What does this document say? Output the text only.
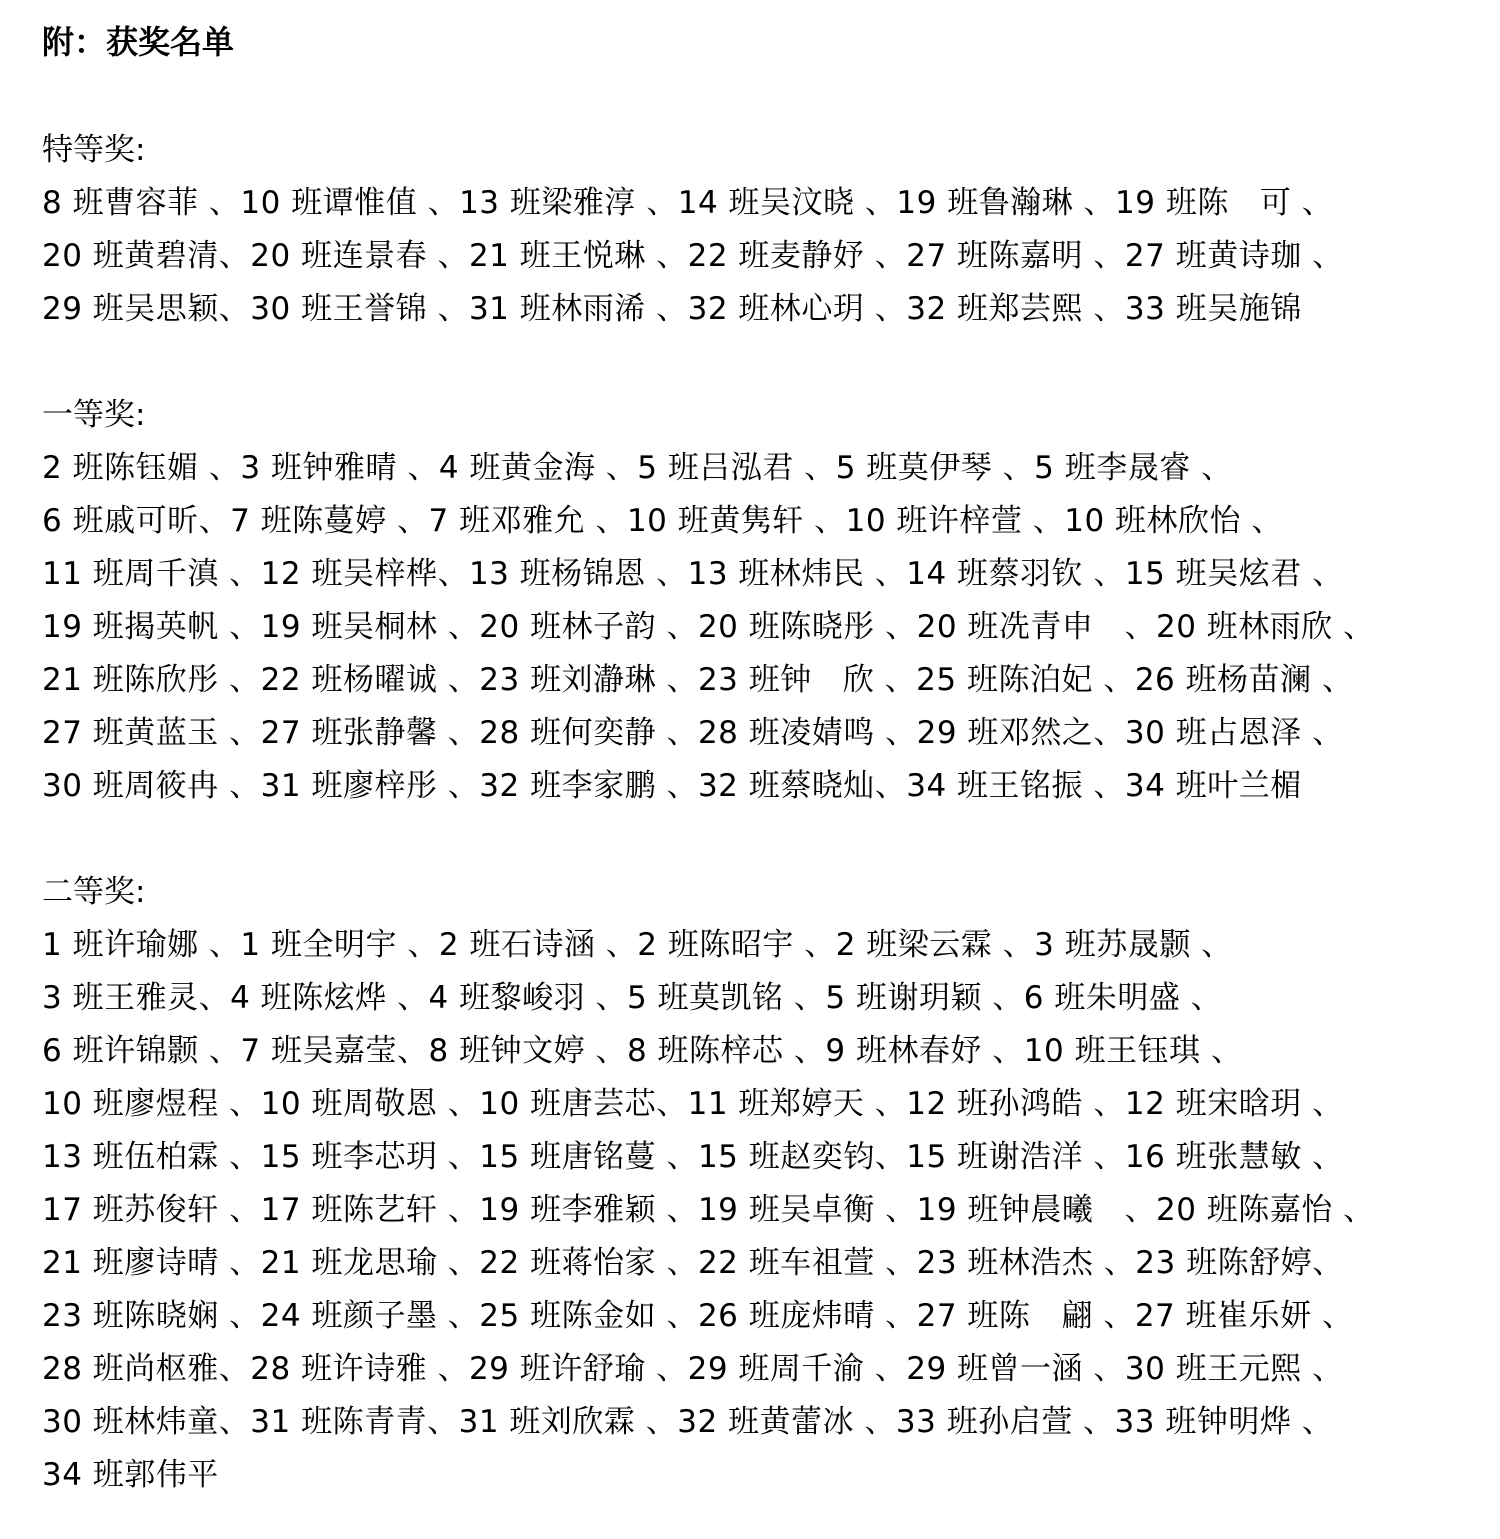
附：获奖名单
特等奖:
8 班曹容菲 、10 班谭惟值 、13 班梁雅淳 、14 班吴汶晓 、19 班鲁瀚琳 、19 班陈   可 、
20 班黄碧清、20 班连景春 、21 班王悦琳 、22 班麦静妤 、27 班陈嘉明 、27 班黄诗珈 、
29 班吴思颖、30 班王誉锦 、31 班林雨浠 、32 班林心玥 、32 班郑芸熙 、33 班吴施锦
一等奖:
2 班陈钰媚 、3 班钟雅晴 、4 班黄金海 、5 班吕泓君 、5 班莫伊琴 、5 班李晟睿 、
6 班戚可昕、7 班陈蔓婷 、7 班邓雅允 、10 班黄隽轩 、10 班许梓萱 、10 班林欣怡 、
11 班周千滇 、12 班吴梓桦、13 班杨锦恩 、13 班林炜民 、14 班蔡羽钦 、15 班吴炫君 、
19 班揭英帆 、19 班吴桐林 、20 班林子韵 、20 班陈晓彤 、20 班冼青申   、20 班林雨欣 、
21 班陈欣彤 、22 班杨曜诚 、23 班刘瀞琳 、23 班钟   欣 、25 班陈泊妃 、26 班杨苗澜 、
27 班黄蓝玉 、27 班张静馨 、28 班何奕静 、28 班凌婧鸣 、29 班邓然之、30 班占恩泽 、
30 班周筱冉 、31 班廖梓彤 、32 班李家鹏 、32 班蔡晓灿、34 班王铭振 、34 班叶兰楣
二等奖:
1 班许瑜娜 、1 班全明宇 、2 班石诗涵 、2 班陈昭宇 、2 班梁云霖 、3 班苏晟颢 、
3 班王雅灵、4 班陈炫烨 、4 班黎峻羽 、5 班莫凯铭 、5 班谢玥颖 、6 班朱明盛 、
6 班许锦颢 、7 班吴嘉莹、8 班钟文婷 、8 班陈梓芯 、9 班林春妤 、10 班王钰琪 、
10 班廖煜程 、10 班周敬恩 、10 班唐芸芯、11 班郑婷天 、12 班孙鸿皓 、12 班宋晗玥 、
13 班伍柏霖 、15 班李芯玥 、15 班唐铭蔓 、15 班赵奕钧、15 班谢浩洋 、16 班张慧敏 、
17 班苏俊轩 、17 班陈艺轩 、19 班李雅颖 、19 班吴卓衡 、19 班钟晨曦   、20 班陈嘉怡 、
21 班廖诗晴 、21 班龙思瑜 、22 班蒋怡家 、22 班车祖萱 、23 班林浩杰 、23 班陈舒婷、
23 班陈晓娴 、24 班颜子墨 、25 班陈金如 、26 班庞炜晴 、27 班陈   翩 、27 班崔乐妍 、
28 班尚枢雅、28 班许诗雅 、29 班许舒瑜 、29 班周千渝 、29 班曾一涵 、30 班王元熙 、
30 班林炜童、31 班陈青青、31 班刘欣霖 、32 班黄蕾冰 、33 班孙启萱 、33 班钟明烨 、
34 班郭伟平
